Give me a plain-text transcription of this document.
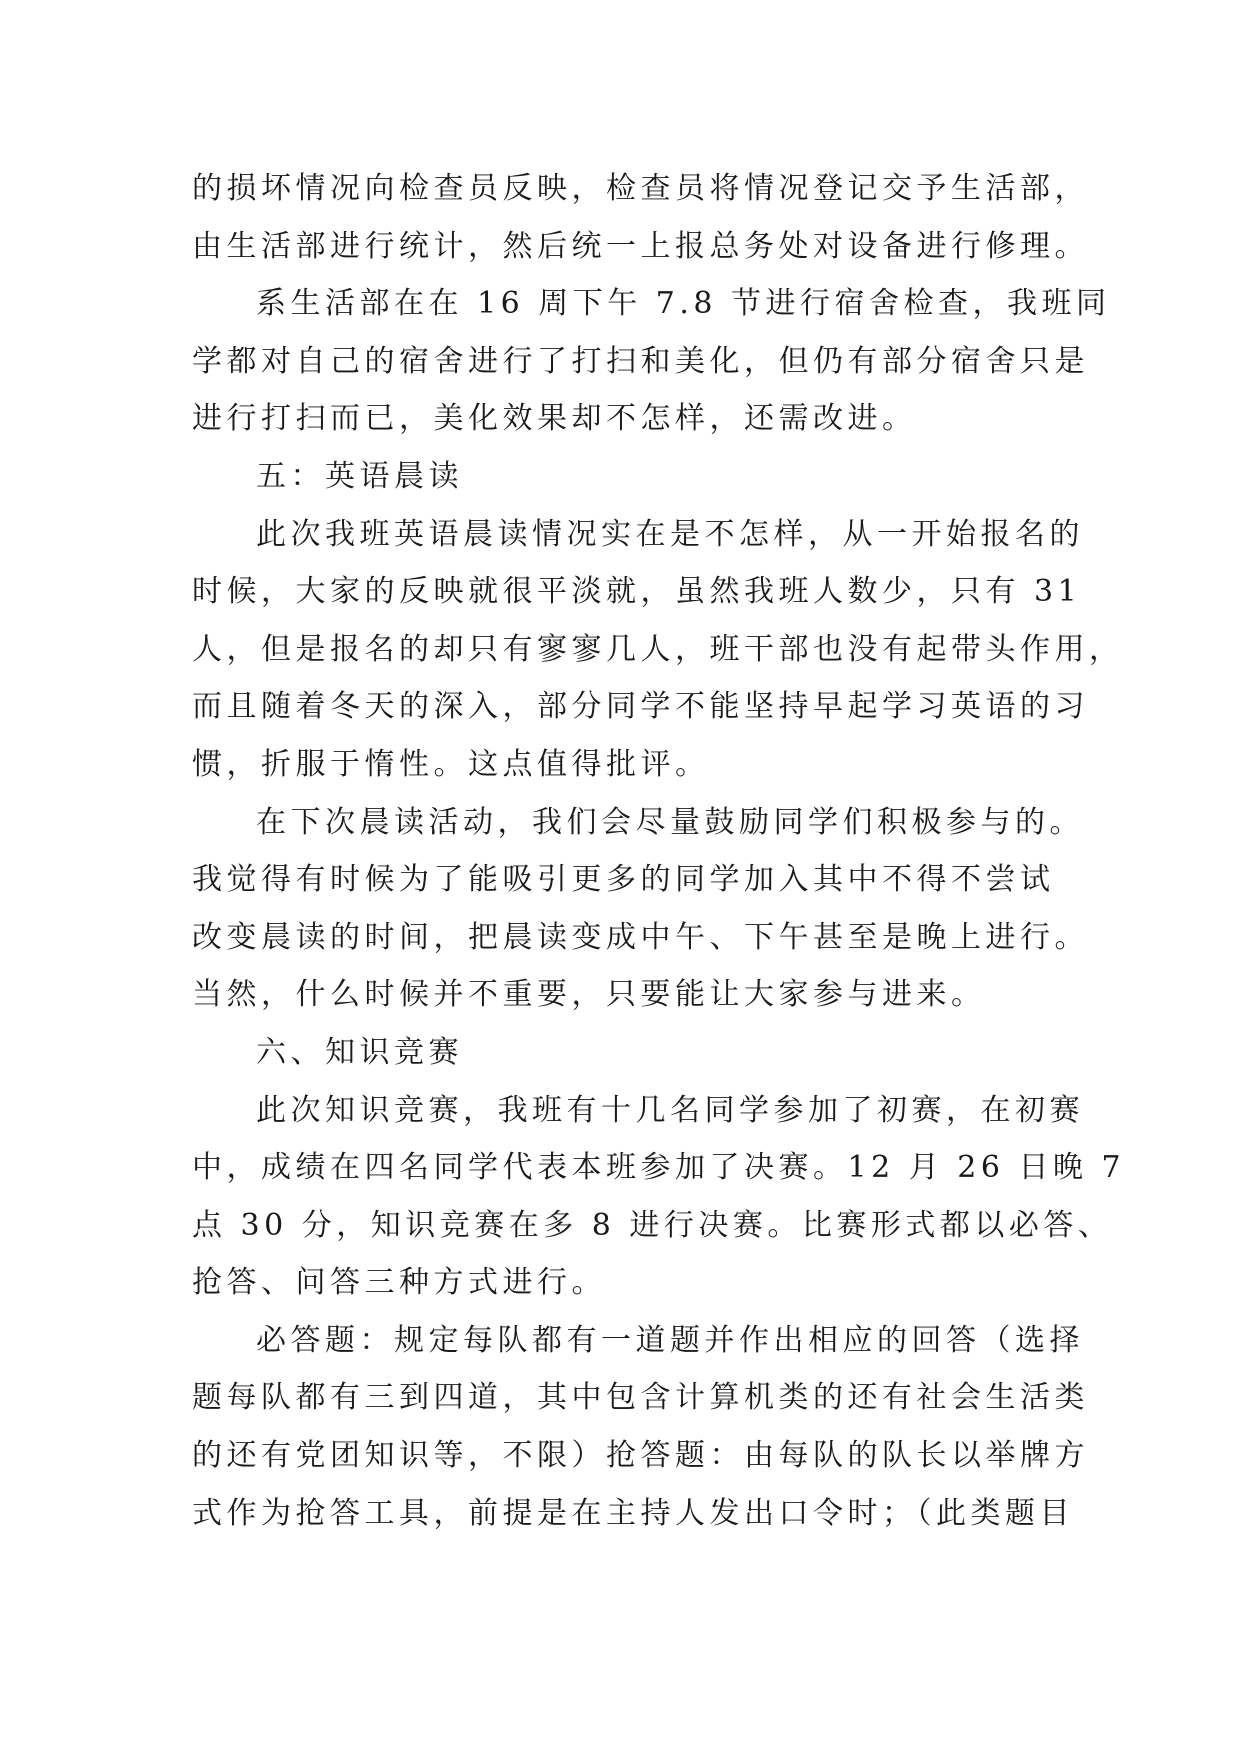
的损坏情况向检查员反映，检查员将情况登记交予生活部，
由生活部进行统计，然后统一上报总务处对设备进行修理。
系生活部在在 16 周下午 7.8 节进行宿舍检查，我班同
学都对自己的宿舍进行了打扫和美化，但仍有部分宿舍只是
进行打扫而已，美化效果却不怎样，还需改进。
五：英语晨读
此次我班英语晨读情况实在是不怎样，从一开始报名的
时候，大家的反映就很平淡就，虽然我班人数少，只有 31
人，但是报名的却只有寥寥几人，班干部也没有起带头作用，
而且随着冬天的深入，部分同学不能坚持早起学习英语的习
惯，折服于惰性。这点值得批评。
在下次晨读活动，我们会尽量鼓励同学们积极参与的。
我觉得有时候为了能吸引更多的同学加入其中不得不尝试
改变晨读的时间，把晨读变成中午、下午甚至是晚上进行。
当然，什么时候并不重要，只要能让大家参与进来。
六、知识竞赛
此次知识竞赛，我班有十几名同学参加了初赛，在初赛
中，成绩在四名同学代表本班参加了决赛。12 月 26 日晚 7
点 30 分，知识竞赛在多 8 进行决赛。比赛形式都以必答、
抢答、问答三种方式进行。
必答题：规定每队都有一道题并作出相应的回答（选择
题每队都有三到四道，其中包含计算机类的还有社会生活类
的还有党团知识等，不限）抢答题：由每队的队长以举牌方
式作为抢答工具，前提是在主持人发出口令时；（此类题目
